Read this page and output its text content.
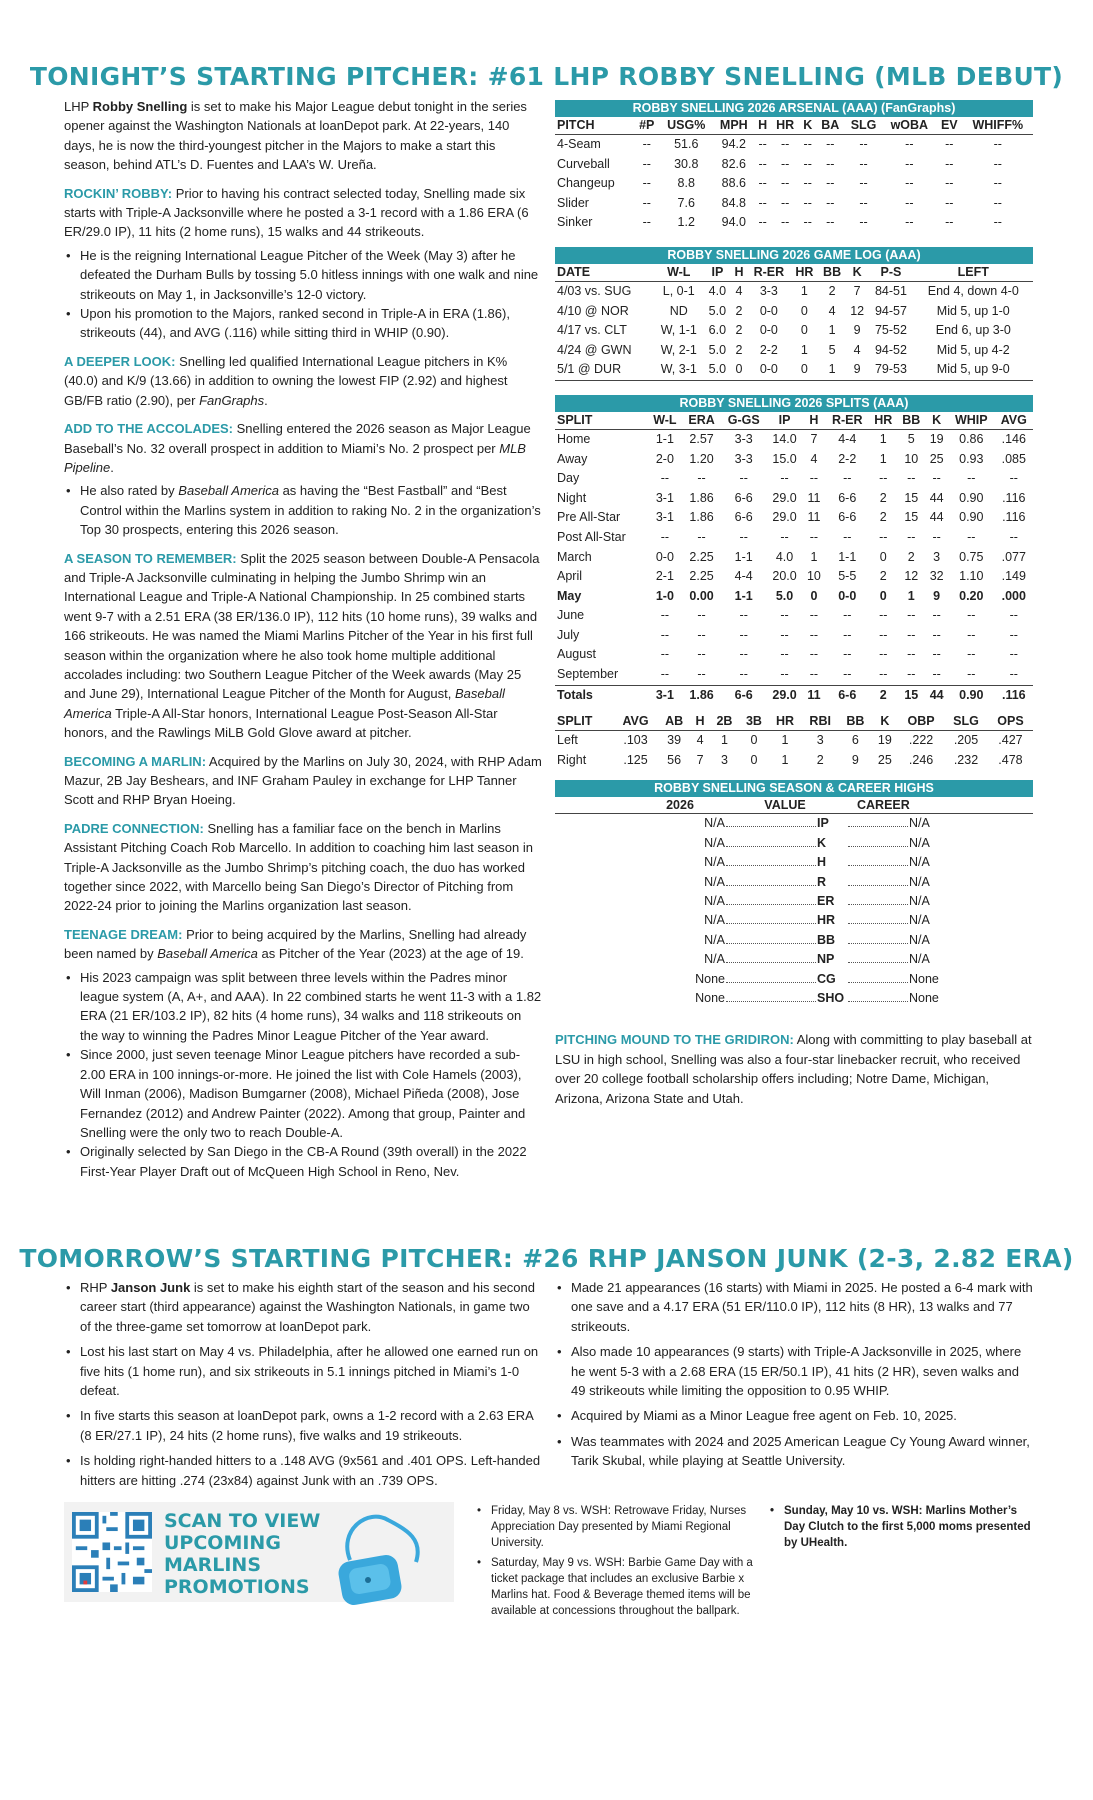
TONIGHT’S STARTING PITCHER: #61 LHP ROBBY SNELLING (MLB DEBUT)

LHP Robby Snelling is set to make his Major League debut tonight in the series opener against the Washington Nationals at loanDepot park. At 22-years, 140 days, he is now the third-youngest pitcher in the Majors to make a start this season, behind ATL’s D. Fuentes and LAA’s W. Ureña.

ROCKIN’ ROBBY: Prior to having his contract selected today, Snelling made six starts with Triple-A Jacksonville where he posted a 3-1 record with a 1.86 ERA (6 ER/29.0 IP), 11 hits (2 home runs), 15 walks and 44 strikeouts.

• He is the reigning International League Pitcher of the Week (May 3) after he defeated the Durham Bulls by tossing 5.0 hitless innings with one walk and nine strikeouts on May 1, in Jacksonville’s 12-0 victory.
• Upon his promotion to the Majors, ranked second in Triple-A in ERA (1.86), strikeouts (44), and AVG (.116) while sitting third in WHIP (0.90).

A DEEPER LOOK: Snelling led qualified International League pitchers in K% (40.0) and K/9 (13.66) in addition to owning the lowest FIP (2.92) and highest GB/FB ratio (2.90), per FanGraphs.

ADD TO THE ACCOLADES: Snelling entered the 2026 season as Major League Baseball’s No. 32 overall prospect in addition to Miami’s No. 2 prospect per MLB Pipeline.

• He also rated by Baseball America as having the “Best Fastball” and “Best Control within the Marlins system in addition to raking No. 2 in the organization’s Top 30 prospects, entering this 2026 season.

A SEASON TO REMEMBER: Split the 2025 season between Double-A Pensacola and Triple-A Jacksonville culminating in helping the Jumbo Shrimp win an International League and Triple-A National Championship. In 25 combined starts went 9-7 with a 2.51 ERA (38 ER/136.0 IP), 112 hits (10 home runs), 39 walks and 166 strikeouts. He was named the Miami Marlins Pitcher of the Year in his first full season within the organization where he also took home multiple additional accolades including: two Southern League Pitcher of the Week awards (May 25 and June 29), International League Pitcher of the Month for August, Baseball America Triple-A All-Star honors, International League Post-Season All-Star honors, and the Rawlings MiLB Gold Glove award at pitcher.

BECOMING A MARLIN: Acquired by the Marlins on July 30, 2024, with RHP Adam Mazur, 2B Jay Beshears, and INF Graham Pauley in exchange for LHP Tanner Scott and RHP Bryan Hoeing.

PADRE CONNECTION: Snelling has a familiar face on the bench in Marlins Assistant Pitching Coach Rob Marcello. In addition to coaching him last season in Triple-A Jacksonville as the Jumbo Shrimp’s pitching coach, the duo has worked together since 2022, with Marcello being San Diego’s Director of Pitching from 2022-24 prior to joining the Marlins organization last season.

TEENAGE DREAM: Prior to being acquired by the Marlins, Snelling had already been named by Baseball America as Pitcher of the Year (2023) at the age of 19.

• His 2023 campaign was split between three levels within the Padres minor league system (A, A+, and AAA). In 22 combined starts he went 11-3 with a 1.82 ERA (21 ER/103.2 IP), 82 hits (4 home runs), 34 walks and 118 strikeouts on the way to winning the Padres Minor League Pitcher of the Year award.
• Since 2000, just seven teenage Minor League pitchers have recorded a sub-2.00 ERA in 100 innings-or-more. He joined the list with Cole Hamels (2003), Will Inman (2006), Madison Bumgarner (2008), Michael Piñeda (2008), Jose Fernandez (2012) and Andrew Painter (2022). Among that group, Painter and Snelling were the only two to reach Double-A.
• Originally selected by San Diego in the CB-A Round (39th overall) in the 2022 First-Year Player Draft out of McQueen High School in Reno, Nev.
ROBBY SNELLING 2026 ARSENAL (AAA) (FanGraphs)
PITCH	#P	USG%	MPH	H	HR	K	BA	SLG	wOBA	EV	WHIFF%
4-Seam	--	51.6	94.2	--	--	--	--	--	--	--	--
Curveball	--	30.8	82.6	--	--	--	--	--	--	--	--
Changeup	--	8.8	88.6	--	--	--	--	--	--	--	--
Slider	--	7.6	84.8	--	--	--	--	--	--	--	--
Sinker	--	1.2	94.0	--	--	--	--	--	--	--	--
ROBBY SNELLING 2026 GAME LOG (AAA)
DATE	W-L	IP	H	R-ER	HR	BB	K	P-S	LEFT
4/03 vs. SUG	L, 0-1	4.0	4	3-3	1	2	7	84-51	End 4, down 4-0
4/10 @ NOR	ND	5.0	2	0-0	0	4	12	94-57	Mid 5, up 1-0
4/17 vs. CLT	W, 1-1	6.0	2	0-0	0	1	9	75-52	End 6, up 3-0
4/24 @ GWN	W, 2-1	5.0	2	2-2	1	5	4	94-52	Mid 5, up 4-2
5/1 @ DUR	W, 3-1	5.0	0	0-0	0	1	9	79-53	Mid 5, up 9-0
ROBBY SNELLING 2026 SPLITS (AAA)
SPLIT	W-L	ERA	G-GS	IP	H	R-ER	HR	BB	K	WHIP	AVG
Home	1-1	2.57	3-3	14.0	7	4-4	1	5	19	0.86	.146
Away	2-0	1.20	3-3	15.0	4	2-2	1	10	25	0.93	.085
Day	--	--	--	--	--	--	--	--	--	--	--
Night	3-1	1.86	6-6	29.0	11	6-6	2	15	44	0.90	.116
Pre All-Star	3-1	1.86	6-6	29.0	11	6-6	2	15	44	0.90	.116
Post All-Star	--	--	--	--	--	--	--	--	--	--	--
March	0-0	2.25	1-1	4.0	1	1-1	0	2	3	0.75	.077
April	2-1	2.25	4-4	20.0	10	5-5	2	12	32	1.10	.149
May	1-0	0.00	1-1	5.0	0	0-0	0	1	9	0.20	.000
June	--	--	--	--	--	--	--	--	--	--	--
July	--	--	--	--	--	--	--	--	--	--	--
August	--	--	--	--	--	--	--	--	--	--	--
September	--	--	--	--	--	--	--	--	--	--	--
Totals	3-1	1.86	6-6	29.0	11	6-6	2	15	44	0.90	.116
SPLIT	AVG	AB	H	2B	3B	HR	RBI	BB	K	OBP	SLG	OPS
Left	.103	39	4	1	0	1	3	6	19	.222	.205	.427
Right	.125	56	7	3	0	1	2	9	25	.246	.232	.478
ROBBY SNELLING SEASON & CAREER HIGHS
2026	VALUE	CAREER
N/A	IP	N/A
N/A	K	N/A
N/A	H	N/A
N/A	R	N/A
N/A	ER	N/A
N/A	HR	N/A
N/A	BB	N/A
N/A	NP	N/A
None	CG	None
None	SHO	None

PITCHING MOUND TO THE GRIDIRON: Along with committing to play baseball at LSU in high school, Snelling was also a four-star linebacker recruit, who received over 20 college football scholarship offers including; Notre Dame, Michigan, Arizona, Arizona State and Utah.

TOMORROW’S STARTING PITCHER: #26 RHP JANSON JUNK (2-3, 2.82 ERA)
• RHP Janson Junk is set to make his eighth start of the season and his second career start (third appearance) against the Washington Nationals, in game two of the three-game set tomorrow at loanDepot park.
• Lost his last start on May 4 vs. Philadelphia, after he allowed one earned run on five hits (1 home run), and six strikeouts in 5.1 innings pitched in Miami’s 1-0 defeat.
• In five starts this season at loanDepot park, owns a 1-2 record with a 2.63 ERA (8 ER/27.1 IP), 24 hits (2 home runs), five walks and 19 strikeouts.
• Is holding right-handed hitters to a .148 AVG (9x561 and .401 OPS. Left-handed hitters are hitting .274 (23x84) against Junk with an .739 OPS.
• Made 21 appearances (16 starts) with Miami in 2025. He posted a 6-4 mark with one save and a 4.17 ERA (51 ER/110.0 IP), 112 hits (8 HR), 13 walks and 77 strikeouts.
• Also made 10 appearances (9 starts) with Triple-A Jacksonville in 2025, where he went 5-3 with a 2.68 ERA (15 ER/50.1 IP), 41 hits (2 HR), seven walks and 49 strikeouts while limiting the opposition to 0.95 WHIP.
• Acquired by Miami as a Minor League free agent on Feb. 10, 2025.
• Was teammates with 2024 and 2025 American League Cy Young Award winner, Tarik Skubal, while playing at Seattle University.
SCAN TO VIEW
UPCOMING
MARLINS
PROMOTIONS
• Friday, May 8 vs. WSH: Retrowave Friday, Nurses Appreciation Day presented by Miami Regional University.
• Saturday, May 9 vs. WSH: Barbie Game Day with a ticket package that includes an exclusive Barbie x Marlins hat. Food & Beverage themed items will be available at concessions throughout the ballpark.
• Sunday, May 10 vs. WSH: Marlins Mother’s Day Clutch to the first 5,000 moms presented by UHealth.
